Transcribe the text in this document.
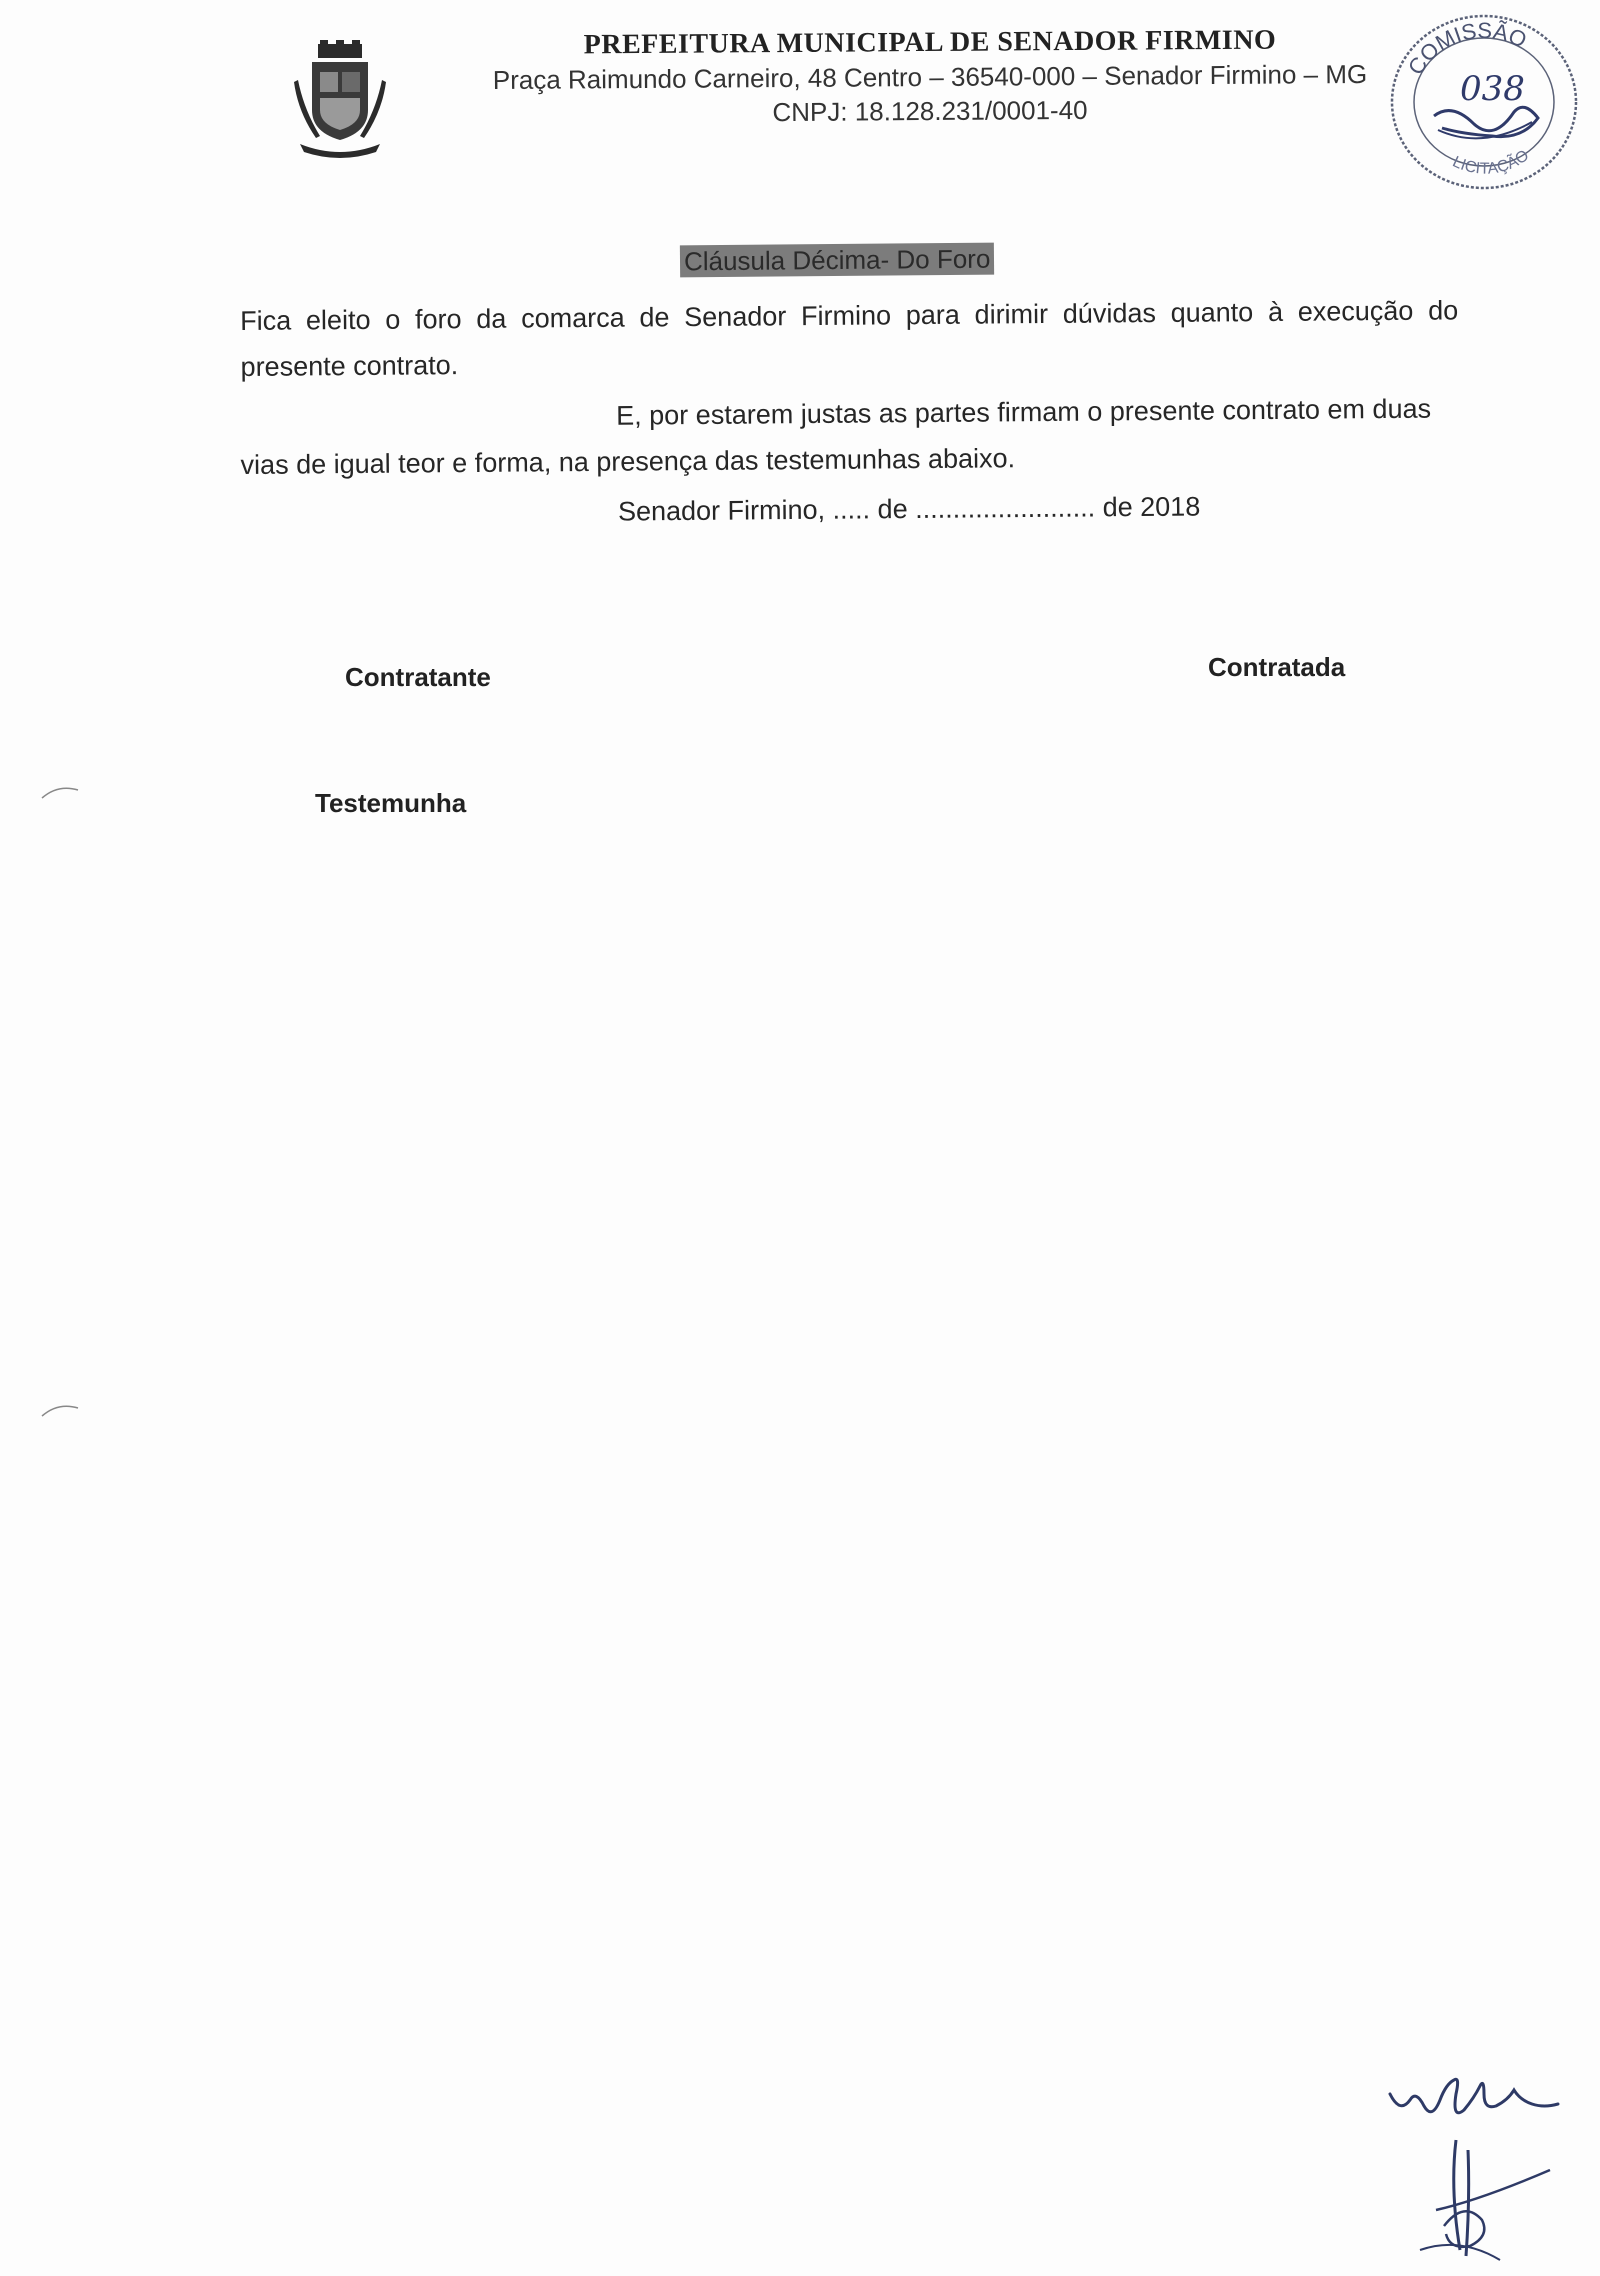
PREFEITURA MUNICIPAL DE SENADOR FIRMINO
Praça Raimundo Carneiro, 48 Centro – 36540-000 – Senador Firmino – MG
CNPJ: 18.128.231/0001-40
COMISSÃO
LICITAÇÃO
038
Cláusula Décima- Do Foro
Fica eleito o foro da comarca de Senador Firmino para dirimir dúvidas quanto à execução do presente contrato.
E, por estarem justas as partes firmam o presente contrato em duas vias de igual teor e forma, na presença das testemunhas abaixo.
Senador Firmino, ..... de ........................ de 2018
Contratante	Contratada
Testemunha
